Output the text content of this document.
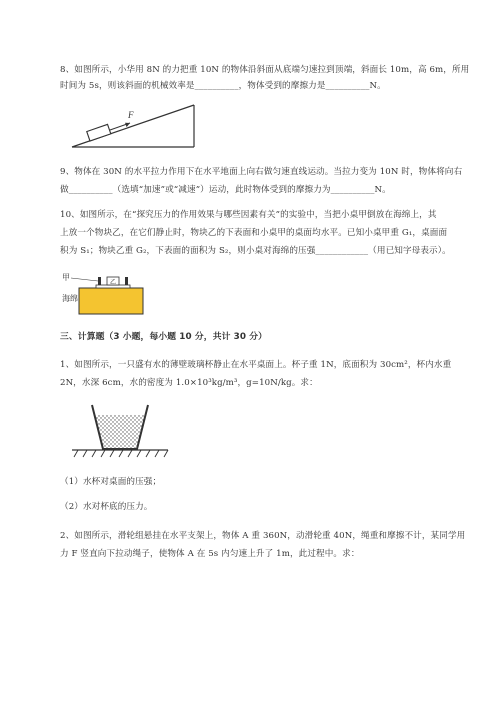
8、如图所示，小华用 8N 的力把重 10N 的物体沿斜面从底端匀速拉到顶端，斜面长 10m，高 6m，所用
时间为 5s，则该斜面的机械效率是__________，物体受到的摩擦力是__________N。
F
9、物体在 30N 的水平拉力作用下在水平地面上向右做匀速直线运动。当拉力变为 10N 时，物体将向右
做__________（选填“加速”或“减速”）运动，此时物体受到的摩擦力为__________N。
10、如图所示，在“探究压力的作用效果与哪些因素有关”的实验中，当把小桌甲倒放在海绵上，其
上放一个物块乙，在它们静止时，物块乙的下表面和小桌甲的桌面均水平。已知小桌甲重 G₁，桌面面
积为 S₁；物块乙重 G₂，下表面的面积为 S₂，则小桌对海绵的压强____________（用已知字母表示）。
乙
甲
海绵
三、计算题（3 小题，每小题 10 分，共计 30 分）
1、如图所示，一只盛有水的薄壁玻璃杯静止在水平桌面上。杯子重 1N，底面积为 30cm²，杯内水重
2N，水深 6cm，水的密度为 1.0×10³kg/m³，g=10N/kg。求：
（1）水杯对桌面的压强；
（2）水对杯底的压力。
2、如图所示，滑轮组悬挂在水平支架上，物体 A 重 360N，动滑轮重 40N，绳重和摩擦不计，某同学用
力 F 竖直向下拉动绳子，使物体 A 在 5s 内匀速上升了 1m，此过程中。求：
